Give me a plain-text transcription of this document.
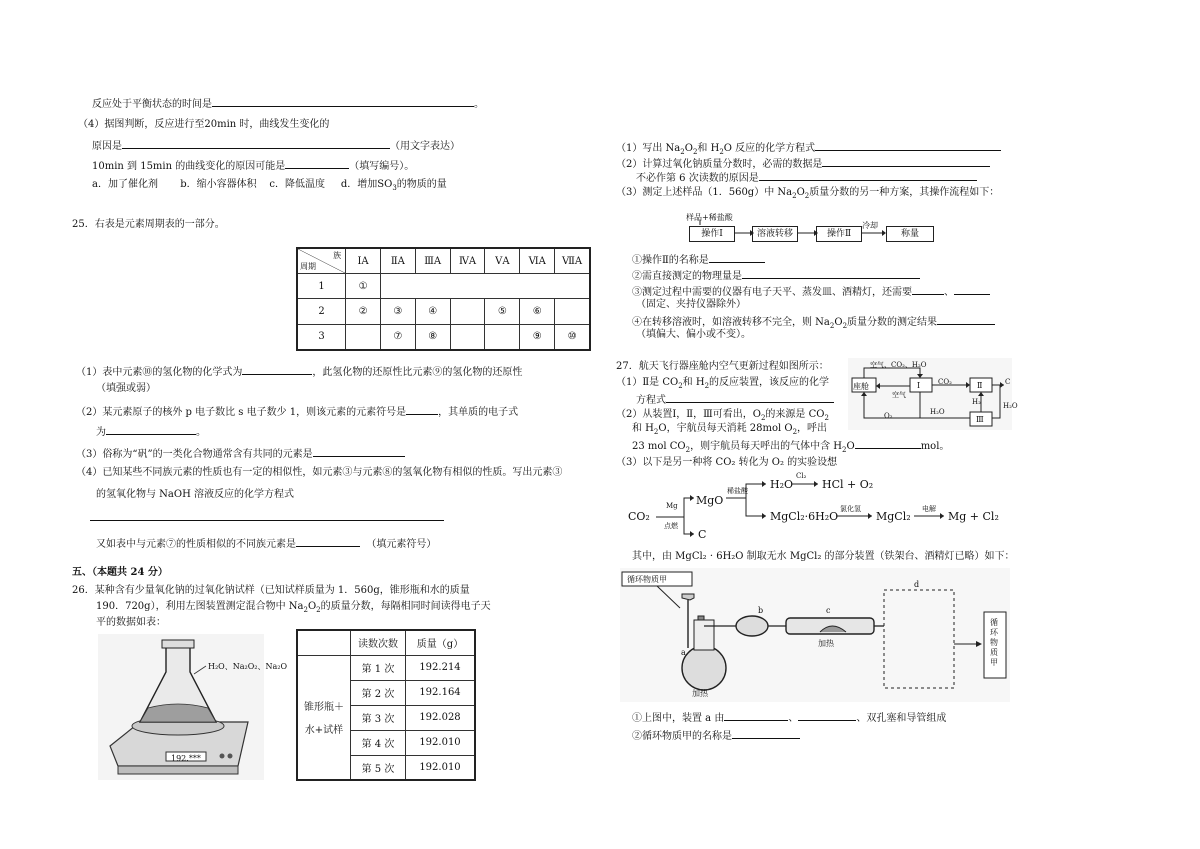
反应处于平衡状态的时间是	。
（4）据图判断，反应进行至20min 时，曲线发生变化的
原因是	（用文字表达）
10min 到 15min 的曲线变化的原因可能是	（填写编号）。
a．加了催化剂 b．缩小容器体积 c．降低温度 d．增加$SO_3$的物质的量
25．右表是元素周期表的一部分。
族
周期	ⅠA	ⅡA	ⅢA	ⅣA	ⅤA	ⅥA	ⅦA
1	①						
2	②	③	④		⑤	⑥	
3		⑦	⑧			⑨	⑩
（1）表中元素⑩的氢化物的化学式为	，此氢化物的还原性比元素⑨的氢化物的还原性
（填强或弱）
（2）某元素原子的核外 p 电子数比 s 电子数少 1，则该元素的元素符号是	，其单质的电子式
为	。
（3）俗称为“矾”的一类化合物通常含有共同的元素是
（4）已知某些不同族元素的性质也有一定的相似性，如元素③与元素⑧的氢氧化物有相似的性质。写出元素③
的氢氧化物与 NaOH 溶液反应的化学方程式
又如表中与元素⑦的性质相似的不同族元素是	（填元素符号）
五、（本题共 24 分）
26．某种含有少量氧化钠的过氧化钠试样（已知试样质量为 1．560g，锥形瓶和水的质量
190．720g），利用左图装置测定混合物中 $Na_2O_2$的质量分数，每隔相同时间读得电子天
平的数据如表：
H₂O、Na₂O₂、Na₂O
192.***
	读数次数	质量（g）

锥形瓶＋
水+试样	第 1 次	192.214
	第 2 次	192.164
	第 3 次	192.028
	第 4 次	192.010
	第 5 次	192.010
（1）写出 $Na_2O_2$和 $H_2O$ 反应的化学方程式
（2）计算过氧化钠质量分数时，必需的数据是
不必作第 6 次读数的原因是
（3）测定上述样品（1．560g）中 $Na_2O_2$质量分数的另一种方案，其操作流程如下：
样品+稀盐酸
操作Ⅰ	溶液转移	操作Ⅱ
冷却
称量
①操作Ⅱ的名称是
②需直接测定的物理量是
③测定过程中需要的仪器有电子天平、蒸发皿、酒精灯，还需要	、
（固定、夹持仪器除外）
④在转移溶液时，如溶液转移不完全，则 $Na_2O_2$质量分数的测定结果
（填偏大、偏小或不变）。
27．航天飞行器座舱内空气更新过程如图所示：
（1）Ⅱ是 $CO_2$和 $H_2$的反应装置，该反应的化学
方程式
（2）从装置Ⅰ，Ⅱ，Ⅲ可看出，$O_2$的来源是 $CO_2$
和 $H_2O$，宇航员每天消耗 28mol $O_2$，呼出
23 mol $CO_2$，则宇航员每天呼出的气体中含 $H_2O$	mol。
座舱	Ⅰ	Ⅱ
Ⅲ
空气、CO₂、H₂O
空气
CO₂
H₂	H₂O
H₂O
O₂
C
（3）以下是另一种将 CO₂ 转化为 O₂ 的实验设想
CO₂
Mg
点燃
MgO
C
稀盐酸 H₂O
Cl₂
HCl + O₂
MgCl₂·6H₂O
氯化氢
MgCl₂
电解
Mg + Cl₂
其中，由 MgCl₂ · 6H₂O 制取无水 MgCl₂ 的部分装置（铁架台、酒精灯已略）如下：
循环物质甲
a
b	c
d
加热
加热
循环物质甲
①上图中，装置 a 由	、	、双孔塞和导管组成
②循环物质甲的名称是
